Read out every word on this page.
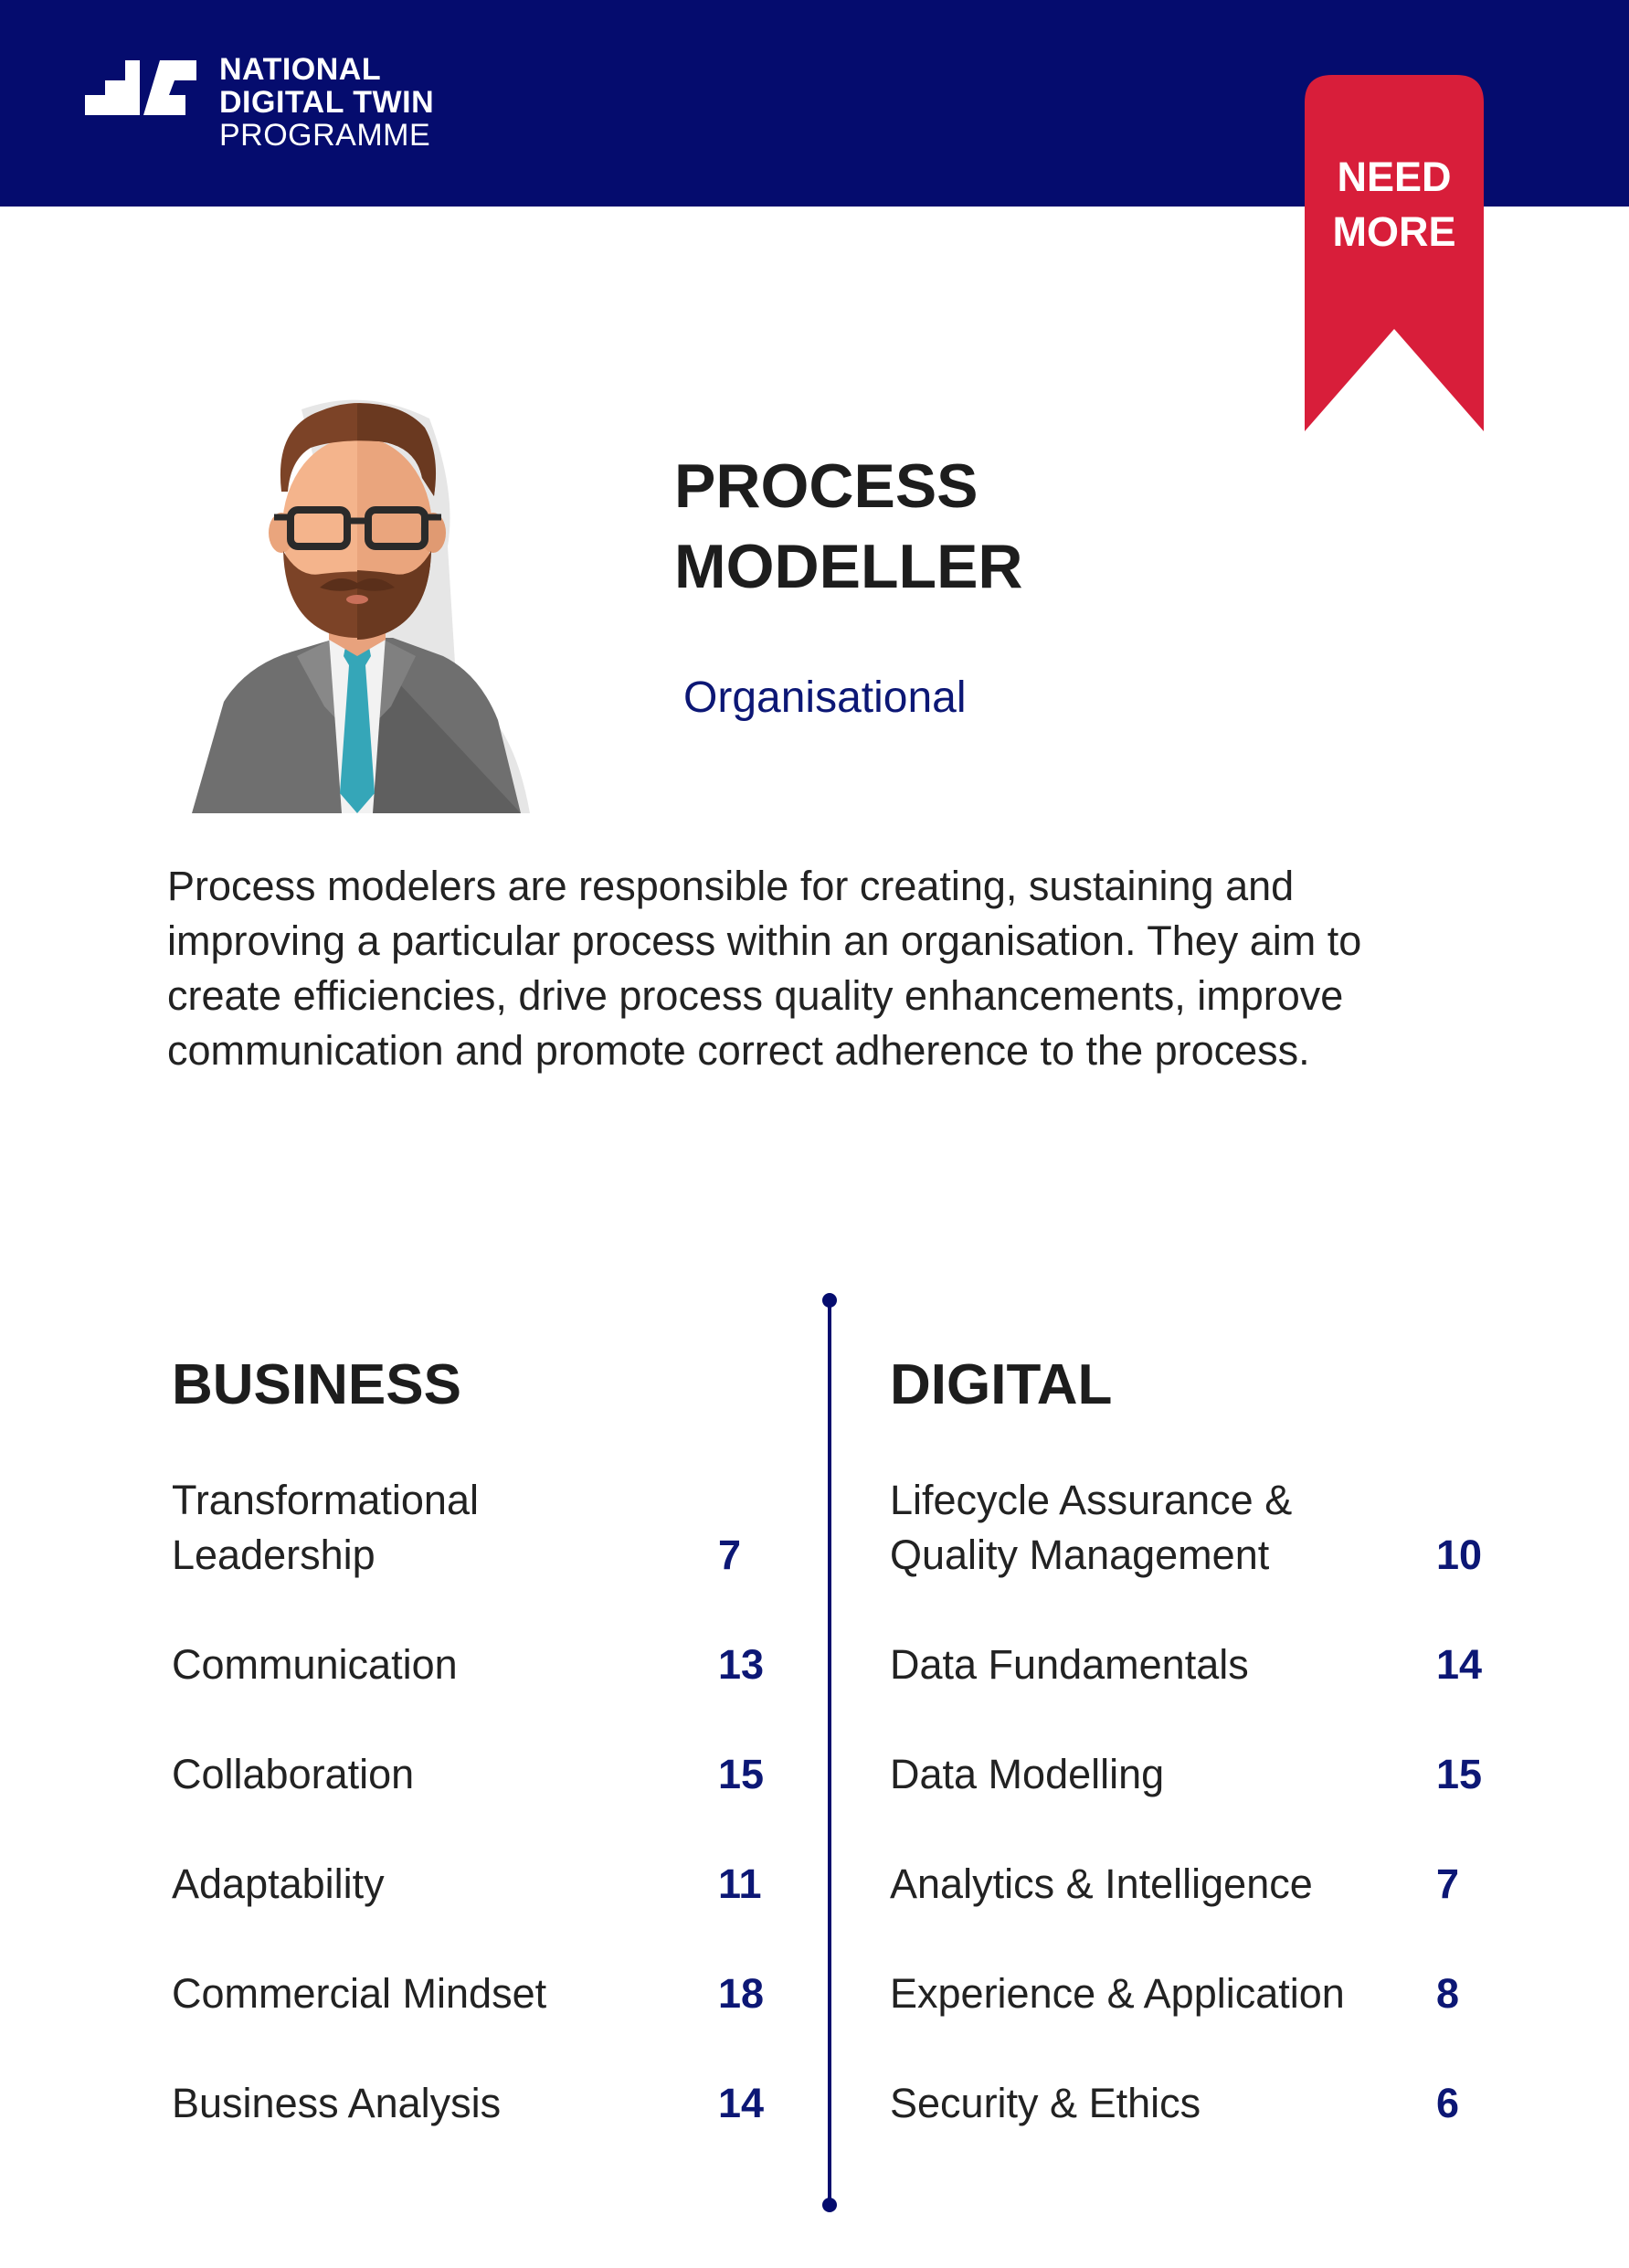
NATIONAL
DIGITAL TWIN
PROGRAMME
NEED
MORE
PROCESS
MODELLER
Organisational

Process modelers are responsible for creating, sustaining and improving a particular process within an organisation. They aim to create efficiencies, drive process quality enhancements, improve communication and promote correct adherence to the process.

BUSINESS
Transformational
Leadership	7
Communication	13
Collaboration	15
Adaptability	11
Commercial Mindset	18
Business Analysis	14
DIGITAL
Lifecycle Assurance &
Quality Management	10
Data Fundamentals	14
Data Modelling	15
Analytics & Intelligence	7
Experience & Application 8
Security & Ethics	6
